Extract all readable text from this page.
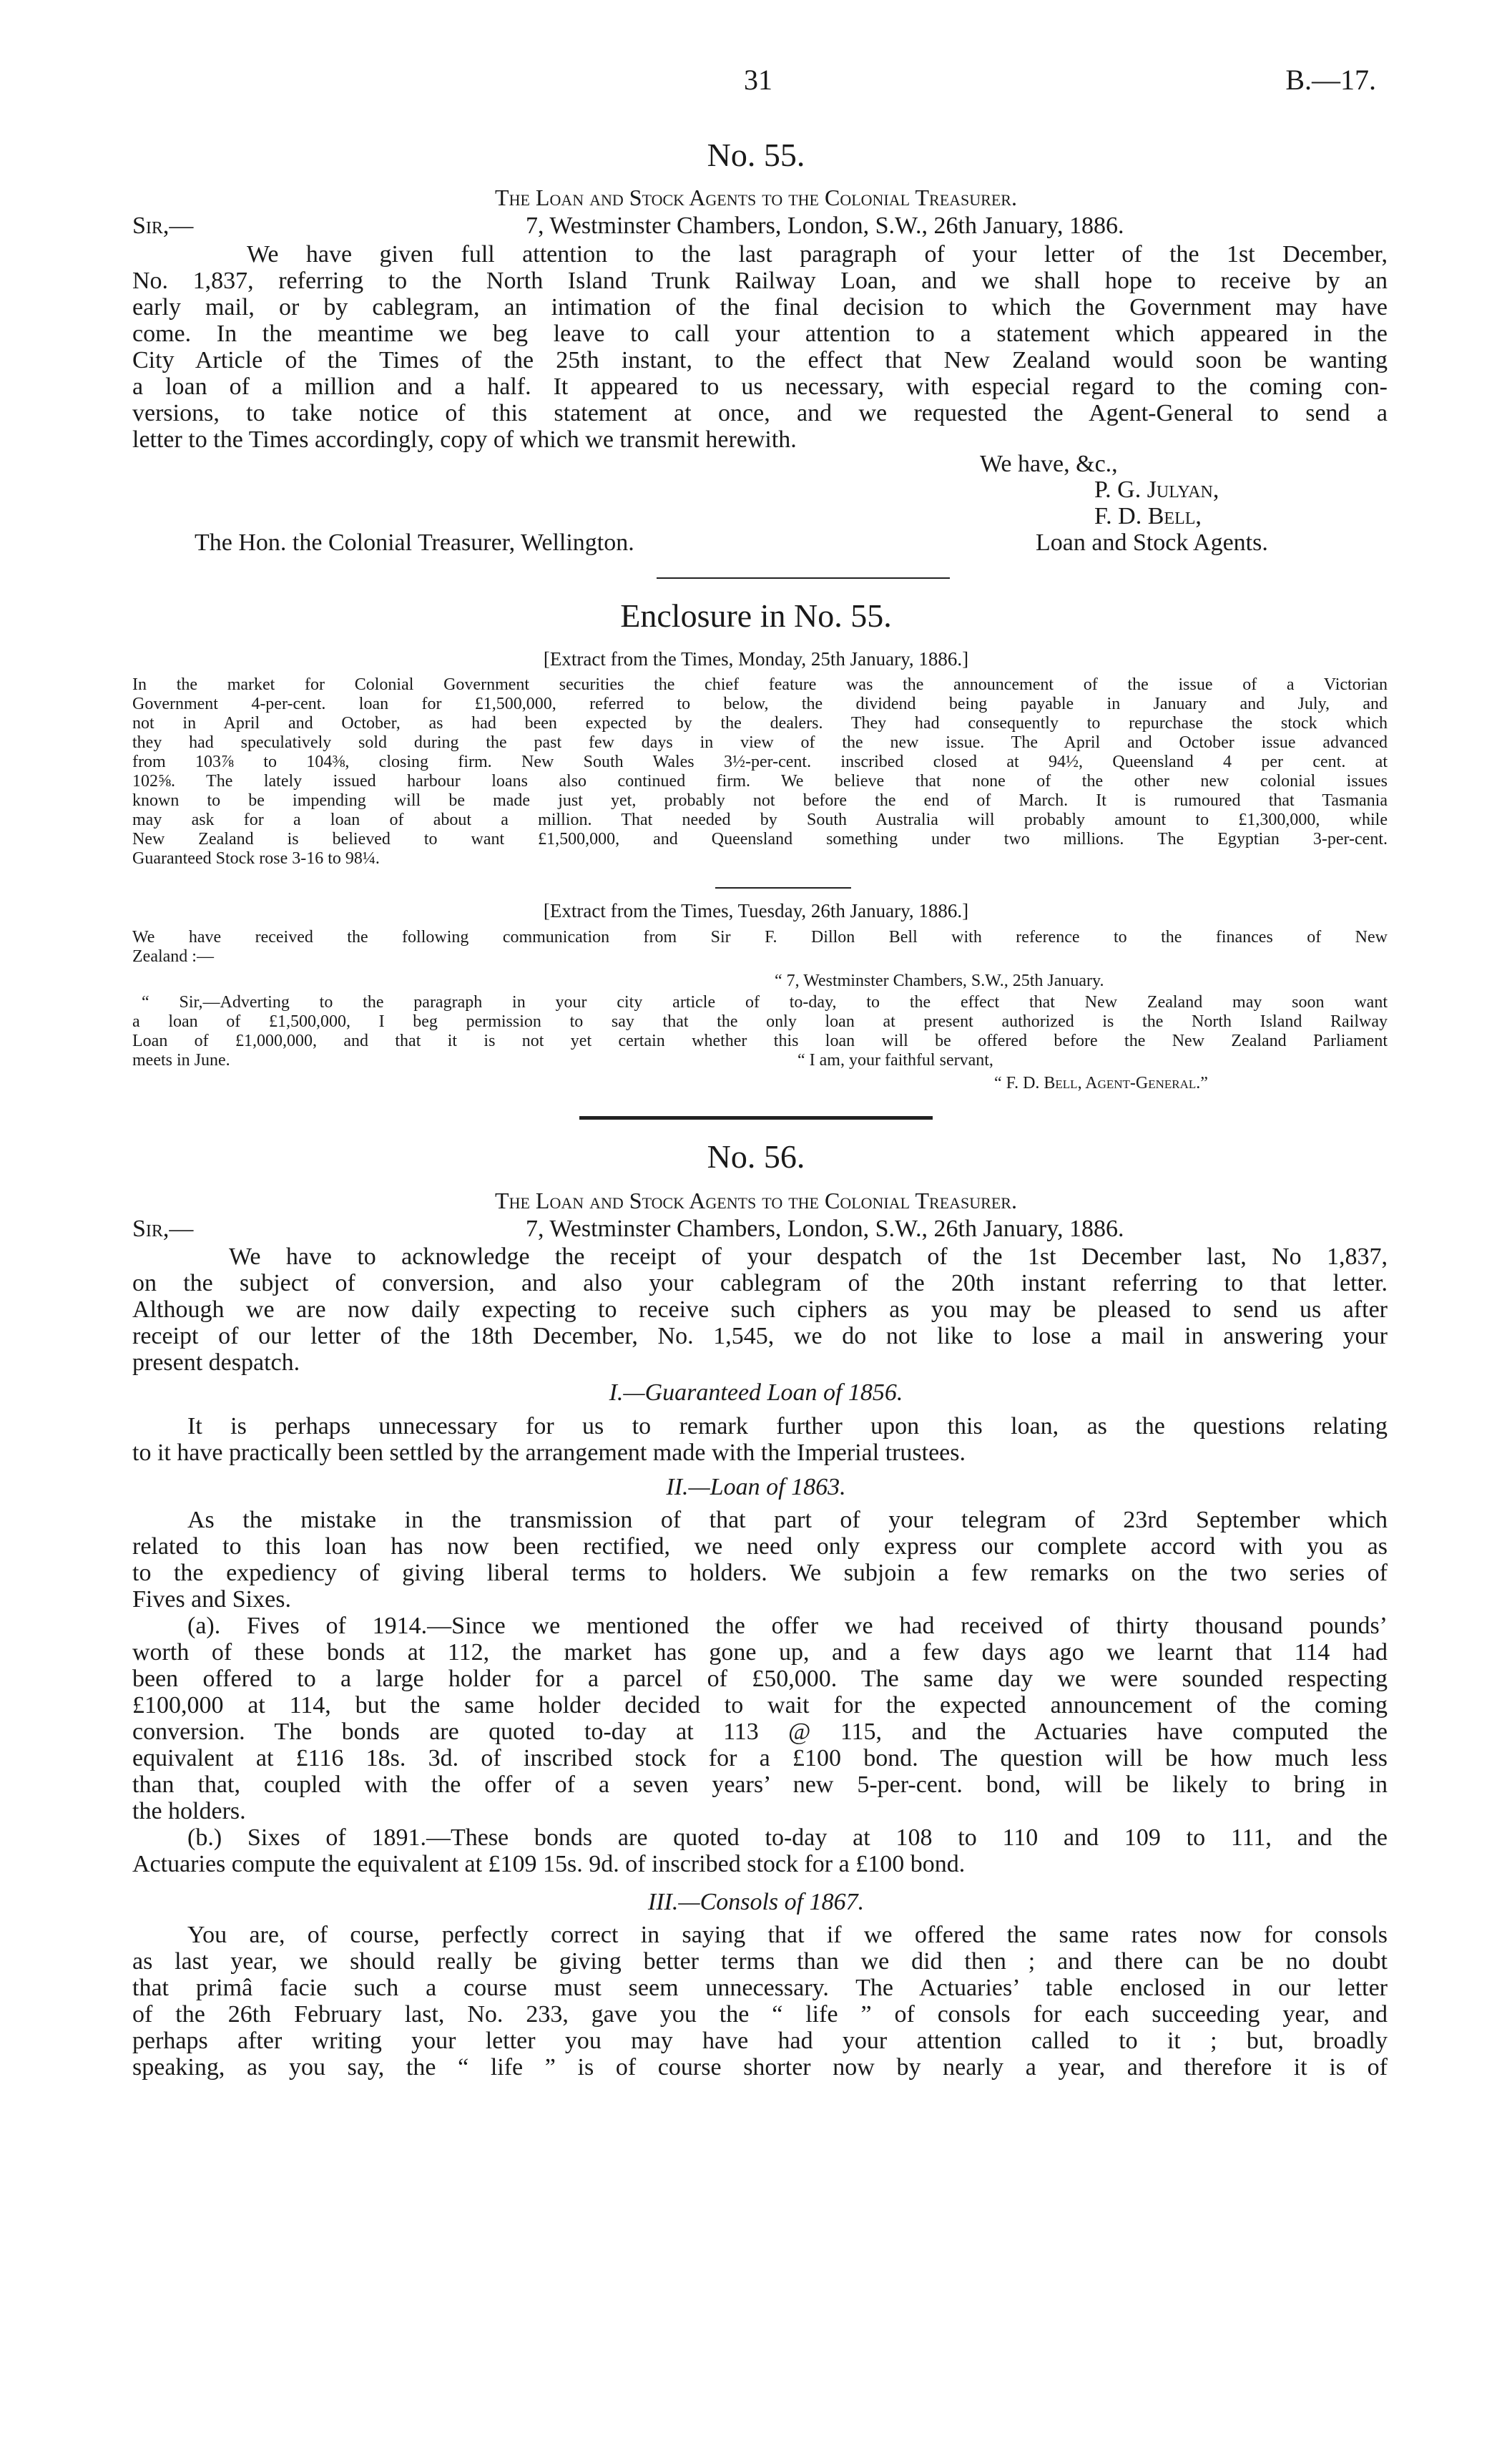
31	B.—17.
No. 55.
The Loan and Stock Agents to the Colonial Treasurer.
Sir,—	7, Westminster Chambers, London, S.W., 26th January, 1886.
We have given full attention to the last paragraph of your letter of the 1st December,
No. 1,837, referring to the North Island Trunk Railway Loan, and we shall hope to receive by an
early mail, or by cablegram, an intimation of the final decision to which the Government may have
come. In the meantime we beg leave to call your attention to a statement which appeared in the
City Article of the Times of the 25th instant, to the effect that New Zealand would soon be wanting
a loan of a million and a half. It appeared to us necessary, with especial regard to the coming con-
versions, to take notice of this statement at once, and we requested the Agent-General to send a
letter to the Times accordingly, copy of which we transmit herewith.
We have, &c.,
P. G. Julyan,
F. D. Bell,
The Hon. the Colonial Treasurer, Wellington.	Loan and Stock Agents.
Enclosure in No. 55.
[Extract from the Times, Monday, 25th January, 1886.]
In the market for Colonial Government securities the chief feature was the announcement of the issue of a Victorian
Government 4-per-cent. loan for £1,500,000, referred to below, the dividend being payable in January and July, and
not in April and October, as had been expected by the dealers. They had consequently to repurchase the stock which
they had speculatively sold during the past few days in view of the new issue. The April and October issue advanced
from 103⅞ to 104⅜, closing firm. New South Wales 3½-per-cent. inscribed closed at 94½, Queensland 4 per cent. at
102⅝. The lately issued harbour loans also continued firm. We believe that none of the other new colonial issues
known to be impending will be made just yet, probably not before the end of March. It is rumoured that Tasmania
may ask for a loan of about a million. That needed by South Australia will probably amount to £1,300,000, while
New Zealand is believed to want £1,500,000, and Queensland something under two millions. The Egyptian 3-per-cent.
Guaranteed Stock rose 3-16 to 98¼.
[Extract from the Times, Tuesday, 26th January, 1886.]
We have received the following communication from Sir F. Dillon Bell with reference to the finances of New
Zealand :—
“ 7, Westminster Chambers, S.W., 25th January.
“ Sir,—Adverting to the paragraph in your city article of to-day, to the effect that New Zealand may soon want
a loan of £1,500,000, I beg permission to say that the only loan at present authorized is the North Island Railway
Loan of £1,000,000, and that it is not yet certain whether this loan will be offered before the New Zealand Parliament
meets in June.	“ I am, your faithful servant,
“ F. D. Bell, Agent-General.”
No. 56.
The Loan and Stock Agents to the Colonial Treasurer.
Sir,—	7, Westminster Chambers, London, S.W., 26th January, 1886.
We have to acknowledge the receipt of your despatch of the 1st December last, No 1,837,
on the subject of conversion, and also your cablegram of the 20th instant referring to that letter.
Although we are now daily expecting to receive such ciphers as you may be pleased to send us after
receipt of our letter of the 18th December, No. 1,545, we do not like to lose a mail in answering your
present despatch.
I.—Guaranteed Loan of 1856.
It is perhaps unnecessary for us to remark further upon this loan, as the questions relating
to it have practically been settled by the arrangement made with the Imperial trustees.
II.—Loan of 1863.
As the mistake in the transmission of that part of your telegram of 23rd September which
related to this loan has now been rectified, we need only express our complete accord with you as
to the expediency of giving liberal terms to holders. We subjoin a few remarks on the two series of
Fives and Sixes.
(a). Fives of 1914.—Since we mentioned the offer we had received of thirty thousand pounds’
worth of these bonds at 112, the market has gone up, and a few days ago we learnt that 114 had
been offered to a large holder for a parcel of £50,000. The same day we were sounded respecting
£100,000 at 114, but the same holder decided to wait for the expected announcement of the coming
conversion. The bonds are quoted to-day at 113 @ 115, and the Actuaries have computed the
equivalent at £116 18s. 3d. of inscribed stock for a £100 bond. The question will be how much less
than that, coupled with the offer of a seven years’ new 5-per-cent. bond, will be likely to bring in
the holders.
(b.) Sixes of 1891.—These bonds are quoted to-day at 108 to 110 and 109 to 111, and the
Actuaries compute the equivalent at £109 15s. 9d. of inscribed stock for a £100 bond.
III.—Consols of 1867.
You are, of course, perfectly correct in saying that if we offered the same rates now for consols
as last year, we should really be giving better terms than we did then ; and there can be no doubt
that primâ facie such a course must seem unnecessary. The Actuaries’ table enclosed in our letter
of the 26th February last, No. 233, gave you the “ life ” of consols for each succeeding year, and
perhaps after writing your letter you may have had your attention called to it ; but, broadly
speaking, as you say, the “ life ” is of course shorter now by nearly a year, and therefore it is of
